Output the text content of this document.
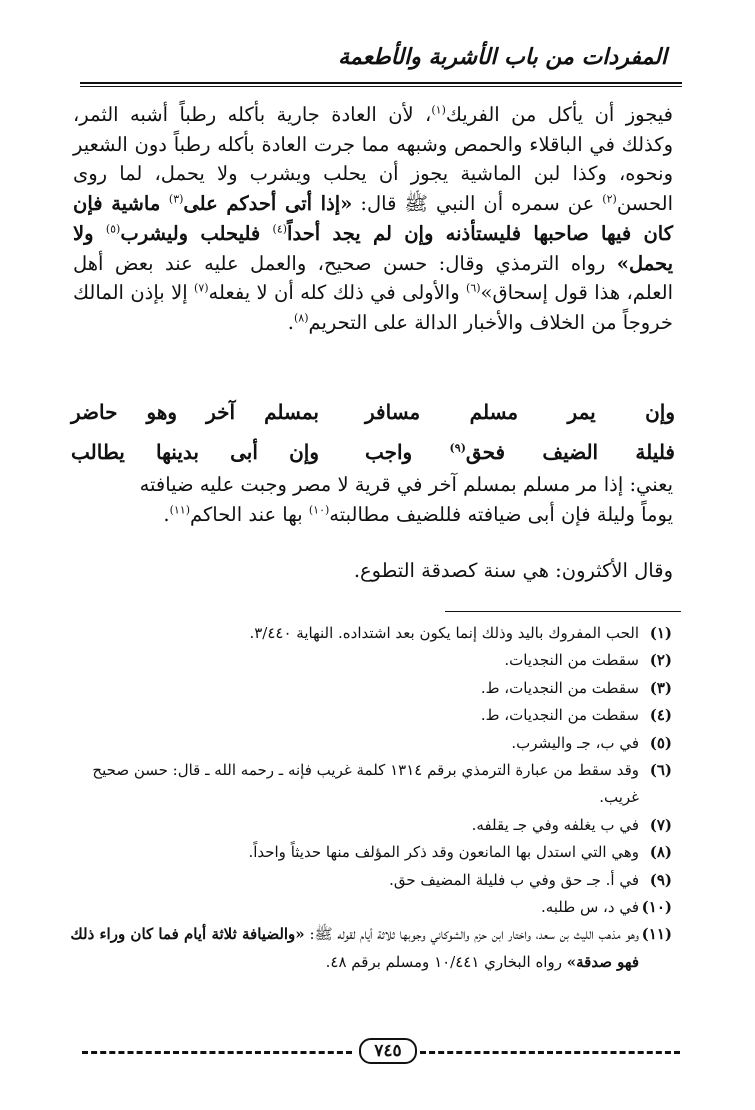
المفردات من باب الأشربة والأطعمة

فيجوز أن يأكل من الفريك$^{(١)}$، لأن العادة جارية بأكله رطباً أشبه الثمر، وكذلك في الباقلاء والحمص وشبهه مما جرت العادة بأكله رطباً دون الشعير ونحوه، وكذا لبن الماشية يجوز أن يحلب ويشرب ولا يحمل، لما روى الحسن$^{(٢)}$ عن سمره أن النبي ﷺ قال: «إذا أتى أحدكم على$^{(٣)}$ ماشية فإن كان فيها صاحبها فليستأذنه وإن لم يجد أحداً$^{(٤)}$ فليحلب وليشرب$^{(٥)}$ ولا يحمل» رواه الترمذي وقال: حسن صحيح، والعمل عليه عند بعض أهل العلم، هذا قول إسحاق»$^{(٦)}$ والأولى في ذلك كله أن لا يفعله$^{(٧)}$ إلا بإذن المالك خروجاً من الخلاف والأخبار الدالة على التحريم$^{(٨)}$.

وإن يمر مسلم مسافر
بمسلم آخر وهو حاضر
فليلة الضيف فحق$^{(٩)}$ واجب
وإن أبى بدينها يطالب

يعني: إذا مر مسلم بمسلم آخر في قرية لا مصر وجبت عليه ضيافته
يوماً وليلة فإن أبى ضيافته فللضيف مطالبته$^{(١٠)}$ بها عند الحاكم$^{(١١)}$.

وقال الأكثرون: هي سنة كصدقة التطوع.

(١)
الحب المفروك باليد وذلك إنما يكون بعد اشتداده. النهاية ٣/٤٤٠.
(٢)
سقطت من النجديات.
(٣)
سقطت من النجديات، ط.
(٤)
سقطت من النجديات، ط.
(٥)
في ب، جـ واليشرب.
(٦)
وقد سقط من عبارة الترمذي برقم ١٣١٤ كلمة غريب فإنه ـ رحمه الله ـ قال: حسن صحيح غريب.
(٧)
في ب يغلفه وفي جـ يقلفه.
(٨)
وهي التي استدل بها المانعون وقد ذكر المؤلف منها حديثاً واحداً.
(٩)
في أ. جـ حق وفي ب فليلة المضيف حق.
(١٠)
في د، س طلبه.
(١١)
وهو مذهب الليث بن سعد، واختار ابن حزم والشوكاني وجوبها ثلاثة أيام لقوله ﷺ: «والضيافة ثلاثة أيام فما كان وراء ذلك فهو صدقة» رواه البخاري ١٠/٤٤١ ومسلم برقم ٤٨.
٧٤٥
